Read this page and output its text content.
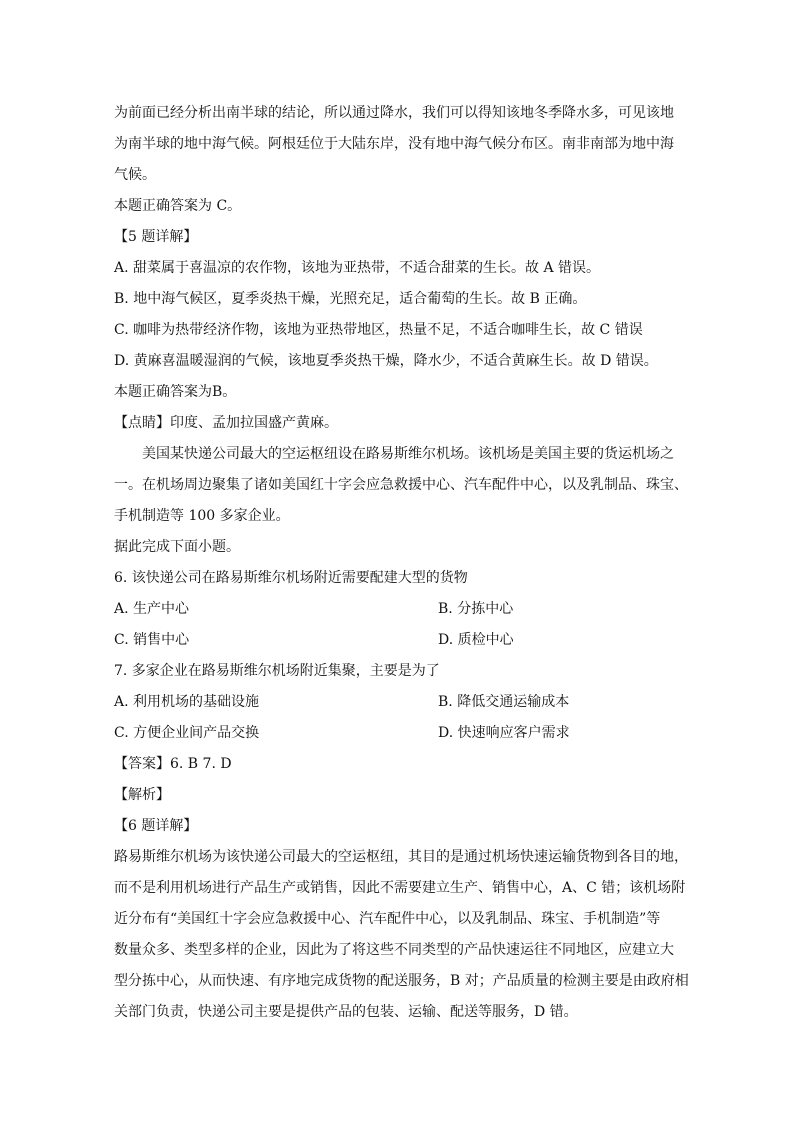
为前面已经分析出南半球的结论，所以通过降水，我们可以得知该地冬季降水多，可见该地
为南半球的地中海气候。阿根廷位于大陆东岸，没有地中海气候分布区。南非南部为地中海
气候。
本题正确答案为 C。
【5 题详解】
A. 甜菜属于喜温凉的农作物，该地为亚热带，不适合甜菜的生长。故 A 错误。
B. 地中海气候区，夏季炎热干燥，光照充足，适合葡萄的生长。故 B 正确。
C. 咖啡为热带经济作物，该地为亚热带地区，热量不足，不适合咖啡生长，故 C 错误
D. 黄麻喜温暖湿润的气候，该地夏季炎热干燥，降水少，不适合黄麻生长。故 D 错误。
本题正确答案为B。
【点睛】印度、孟加拉国盛产黄麻。
美国某快递公司最大的空运枢纽设在路易斯维尔机场。该机场是美国主要的货运机场之
一。在机场周边聚集了诸如美国红十字会应急救援中心、汽车配件中心，以及乳制品、珠宝、
手机制造等 100 多家企业。
据此完成下面小题。
6. 该快递公司在路易斯维尔机场附近需要配建大型的货物
A. 生产中心	B. 分拣中心
C. 销售中心	D. 质检中心
7. 多家企业在路易斯维尔机场附近集聚，主要是为了
A. 利用机场的基础设施	B. 降低交通运输成本
C. 方便企业间产品交换	D. 快速响应客户需求
【答案】6. B 7. D
【解析】
【6 题详解】
路易斯维尔机场为该快递公司最大的空运枢纽，其目的是通过机场快速运输货物到各目的地，
而不是利用机场进行产品生产或销售，因此不需要建立生产、销售中心，A、C 错；该机场附
近分布有“美国红十字会应急救援中心、汽车配件中心，以及乳制品、珠宝、手机制造”等
数量众多、类型多样的企业，因此为了将这些不同类型的产品快速运往不同地区，应建立大
型分拣中心，从而快速、有序地完成货物的配送服务，B 对；产品质量的检测主要是由政府相
关部门负责，快递公司主要是提供产品的包装、运输、配送等服务，D 错。
